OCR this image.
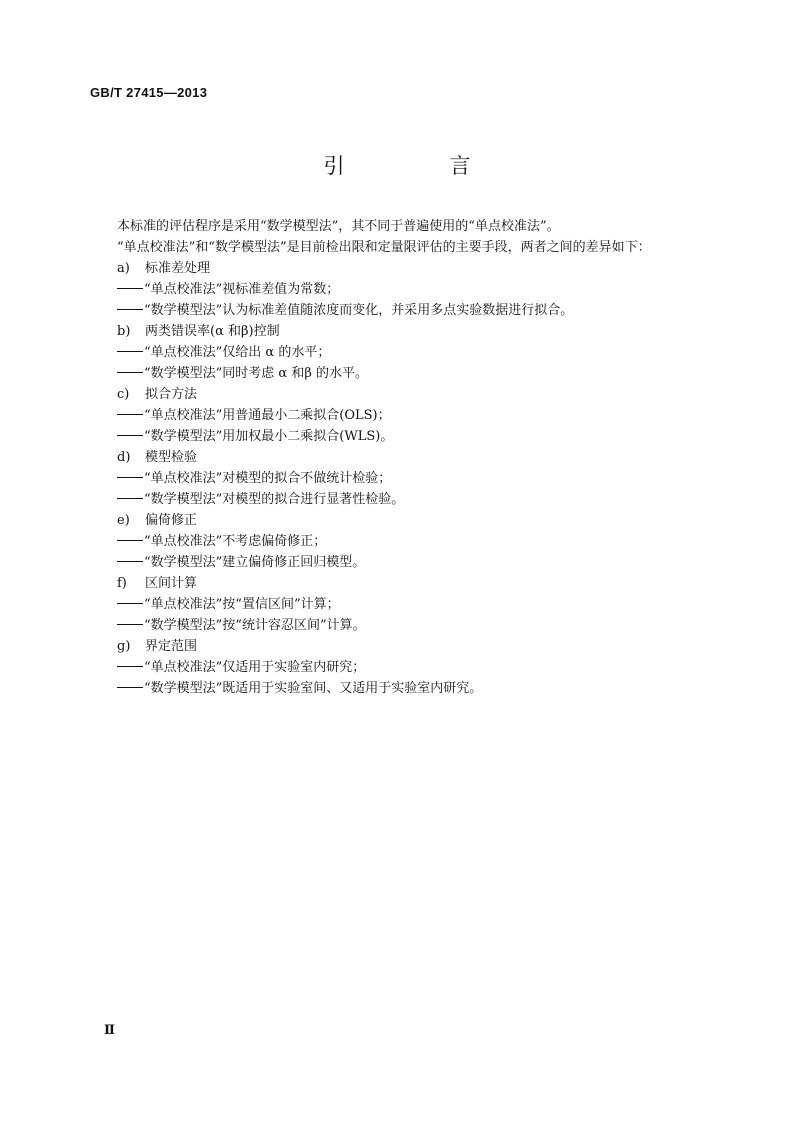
GB/T 27415—2013
引　言
本标准的评估程序是采用“数学模型法”，其不同于普遍使用的“单点校准法”。
“单点校准法”和“数学模型法”是目前检出限和定量限评估的主要手段，两者之间的差异如下：
a)	标准差处理
“单点校准法”视标准差值为常数；
“数学模型法”认为标准差值随浓度而变化，并采用多点实验数据进行拟合。
b)	两类错误率(α 和β)控制
“单点校准法”仅给出 α 的水平；
“数学模型法”同时考虑 α 和β 的水平。
c)	拟合方法
“单点校准法”用普通最小二乘拟合(OLS)；
“数学模型法”用加权最小二乘拟合(WLS)。
d)	模型检验
“单点校准法”对模型的拟合不做统计检验；
“数学模型法”对模型的拟合进行显著性检验。
e)	偏倚修正
“单点校准法”不考虑偏倚修正；
“数学模型法”建立偏倚修正回归模型。
f)	区间计算
“单点校准法”按“置信区间”计算；
“数学模型法”按“统计容忍区间”计算。
g)	界定范围
“单点校准法”仅适用于实验室内研究；
“数学模型法”既适用于实验室间、又适用于实验室内研究。
Ⅱ
